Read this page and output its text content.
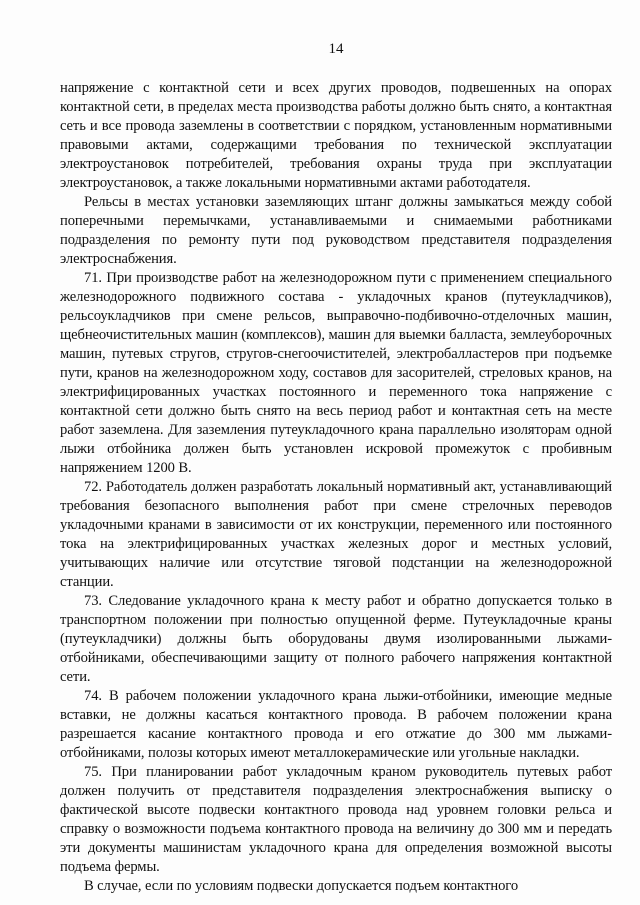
14

напряжение с контактной сети и всех других проводов, подвешенных на опорах контактной сети, в пределах места производства работы должно быть снято, а контактная сеть и все провода заземлены в соответствии с порядком, установленным нормативными правовыми актами, содержащими требования по технической эксплуатации электроустановок потребителей, требования охраны труда при эксплуатации электроустановок, а также локальными нормативными актами работодателя.

Рельсы в местах установки заземляющих штанг должны замыкаться между собой поперечными перемычками, устанавливаемыми и снимаемыми работниками подразделения по ремонту пути под руководством представителя подразделения электроснабжения.

71. При производстве работ на железнодорожном пути с применением специального железнодорожного подвижного состава - укладочных кранов (путеукладчиков), рельсоукладчиков при смене рельсов, выправочно-подбивочно-отделочных машин, щебнеочистительных машин (комплексов), машин для выемки балласта, землеуборочных машин, путевых стругов, стругов-снегоочистителей, электробалластеров при подъемке пути, кранов на железнодорожном ходу, составов для засорителей, стреловых кранов, на электрифицированных участках постоянного и переменного тока напряжение с контактной сети должно быть снято на весь период работ и контактная сеть на месте работ заземлена. Для заземления путеукладочного крана параллельно изоляторам одной лыжи отбойника должен быть установлен искровой промежуток с пробивным напряжением 1200 В.

72. Работодатель должен разработать локальный нормативный акт, устанавливающий требования безопасного выполнения работ при смене стрелочных переводов укладочными кранами в зависимости от их конструкции, переменного или постоянного тока на электрифицированных участках железных дорог и местных условий, учитывающих наличие или отсутствие тяговой подстанции на железнодорожной станции.

73. Следование укладочного крана к месту работ и обратно допускается только в транспортном положении при полностью опущенной ферме. Путеукладочные краны (путеукладчики) должны быть оборудованы двумя изолированными лыжами-отбойниками, обеспечивающими защиту от полного рабочего напряжения контактной сети.

74. В рабочем положении укладочного крана лыжи-отбойники, имеющие медные вставки, не должны касаться контактного провода. В рабочем положении крана разрешается касание контактного провода и его отжатие до 300 мм лыжами-отбойниками, полозы которых имеют металлокерамические или угольные накладки.

75. При планировании работ укладочным краном руководитель путевых работ должен получить от представителя подразделения электроснабжения выписку о фактической высоте подвески контактного провода над уровнем головки рельса и справку о возможности подъема контактного провода на величину до 300 мм и передать эти документы машинистам укладочного крана для определения возможной высоты подъема фермы.

В случае, если по условиям подвески допускается подъем контактного
